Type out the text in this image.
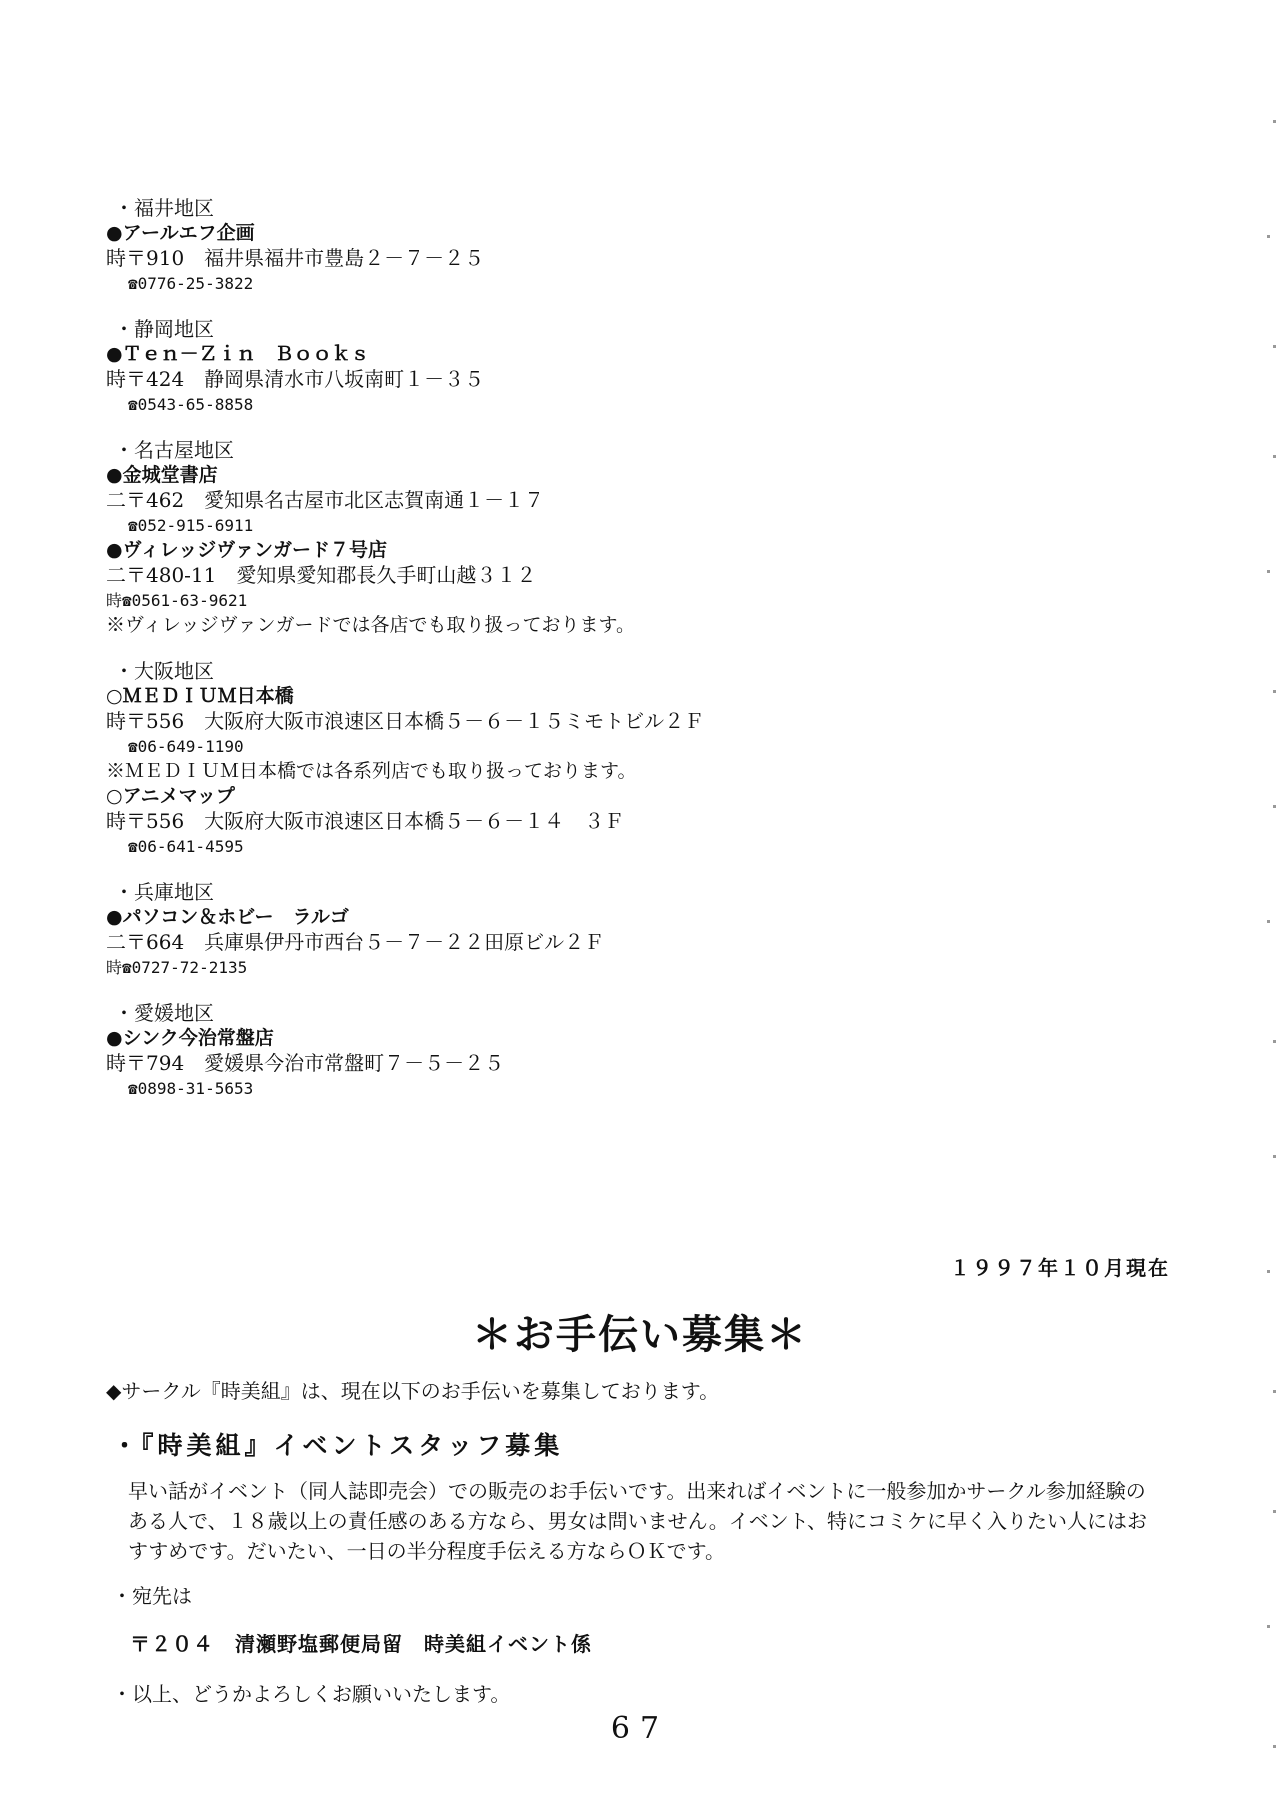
・福井地区
●アールエフ企画
時〒910　福井県福井市豊島２－７－２５
☎0776-25-3822
・静岡地区
●Ｔｅｎ－Ｚｉｎ　Ｂｏｏｋｓ
時〒424　静岡県清水市八坂南町１－３５
☎0543-65-8858
・名古屋地区
●金城堂書店
二〒462　愛知県名古屋市北区志賀南通１－１７
☎052-915-6911
●ヴィレッジヴァンガード７号店
二〒480-11　愛知県愛知郡長久手町山越３１２
時☎0561-63-9621
※ヴィレッジヴァンガードでは各店でも取り扱っております。
・大阪地区
○ＭＥＤＩＵＭ日本橋
時〒556　大阪府大阪市浪速区日本橋５－６－１５ミモトビル２Ｆ
☎06-649-1190
※ＭＥＤＩＵＭ日本橋では各系列店でも取り扱っております。
○アニメマップ
時〒556　大阪府大阪市浪速区日本橋５－６－１４　３Ｆ
☎06-641-4595
・兵庫地区
●パソコン＆ホビー　ラルゴ
二〒664　兵庫県伊丹市西台５－７－２２田原ビル２Ｆ
時☎0727-72-2135
・愛媛地区
●シンク今治常盤店
時〒794　愛媛県今治市常盤町７－５－２５
☎0898-31-5653
１９９７年１０月現在
＊お手伝い募集＊
◆サークル『時美組』は、現在以下のお手伝いを募集しております。
・『時美組』イベントスタッフ募集
早い話がイベント（同人誌即売会）での販売のお手伝いです。出来ればイベントに一般参加かサークル参加経験のある人で、１８歳以上の責任感のある方なら、男女は問いません。イベント、特にコミケに早く入りたい人にはおすすめです。だいたい、一日の半分程度手伝える方ならＯＫです。
・宛先は
〒２０４　清瀬野塩郵便局留　時美組イベント係
・以上、どうかよろしくお願いいたします。
67
